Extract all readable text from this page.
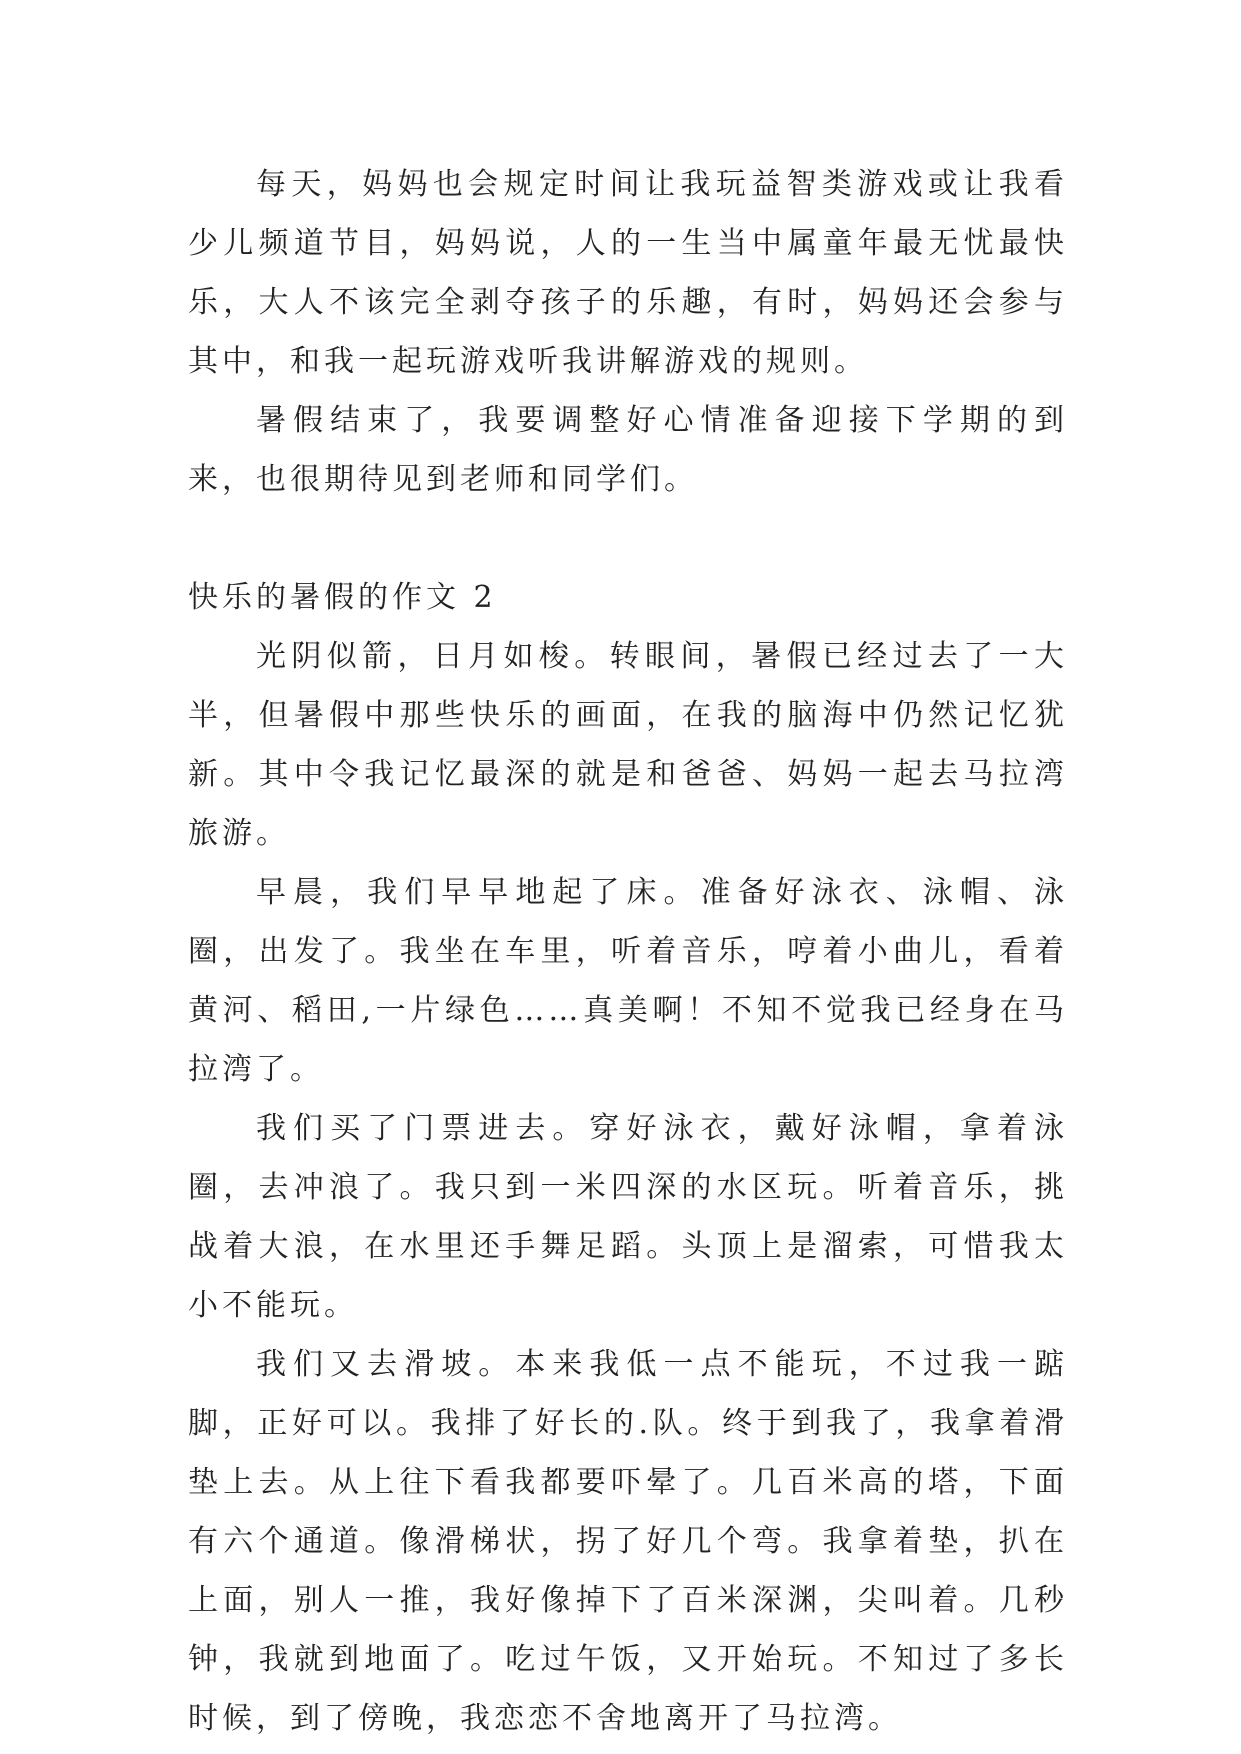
每天，妈妈也会规定时间让我玩益智类游戏或让我看少儿频道节目，妈妈说，人的一生当中属童年最无忧最快乐，大人不该完全剥夺孩子的乐趣，有时，妈妈还会参与其中，和我一起玩游戏听我讲解游戏的规则。

暑假结束了，我要调整好心情准备迎接下学期的到来，也很期待见到老师和同学们。

快乐的暑假的作文 2

光阴似箭，日月如梭。转眼间，暑假已经过去了一大半，但暑假中那些快乐的画面，在我的脑海中仍然记忆犹新。其中令我记忆最深的就是和爸爸、妈妈一起去马拉湾旅游。

早晨，我们早早地起了床。准备好泳衣、泳帽、泳圈，出发了。我坐在车里，听着音乐，哼着小曲儿，看着黄河、稻田,一片绿色……真美啊！不知不觉我已经身在马拉湾了。

我们买了门票进去。穿好泳衣，戴好泳帽，拿着泳圈，去冲浪了。我只到一米四深的水区玩。听着音乐，挑战着大浪，在水里还手舞足蹈。头顶上是溜索，可惜我太小不能玩。

我们又去滑坡。本来我低一点不能玩，不过我一踮脚，正好可以。我排了好长的.队。终于到我了，我拿着滑垫上去。从上往下看我都要吓晕了。几百米高的塔，下面有六个通道。像滑梯状，拐了好几个弯。我拿着垫，扒在上面，别人一推，我好像掉下了百米深渊，尖叫着。几秒钟，我就到地面了。吃过午饭，又开始玩。不知过了多长时候，到了傍晚，我恋恋不舍地离开了马拉湾。
